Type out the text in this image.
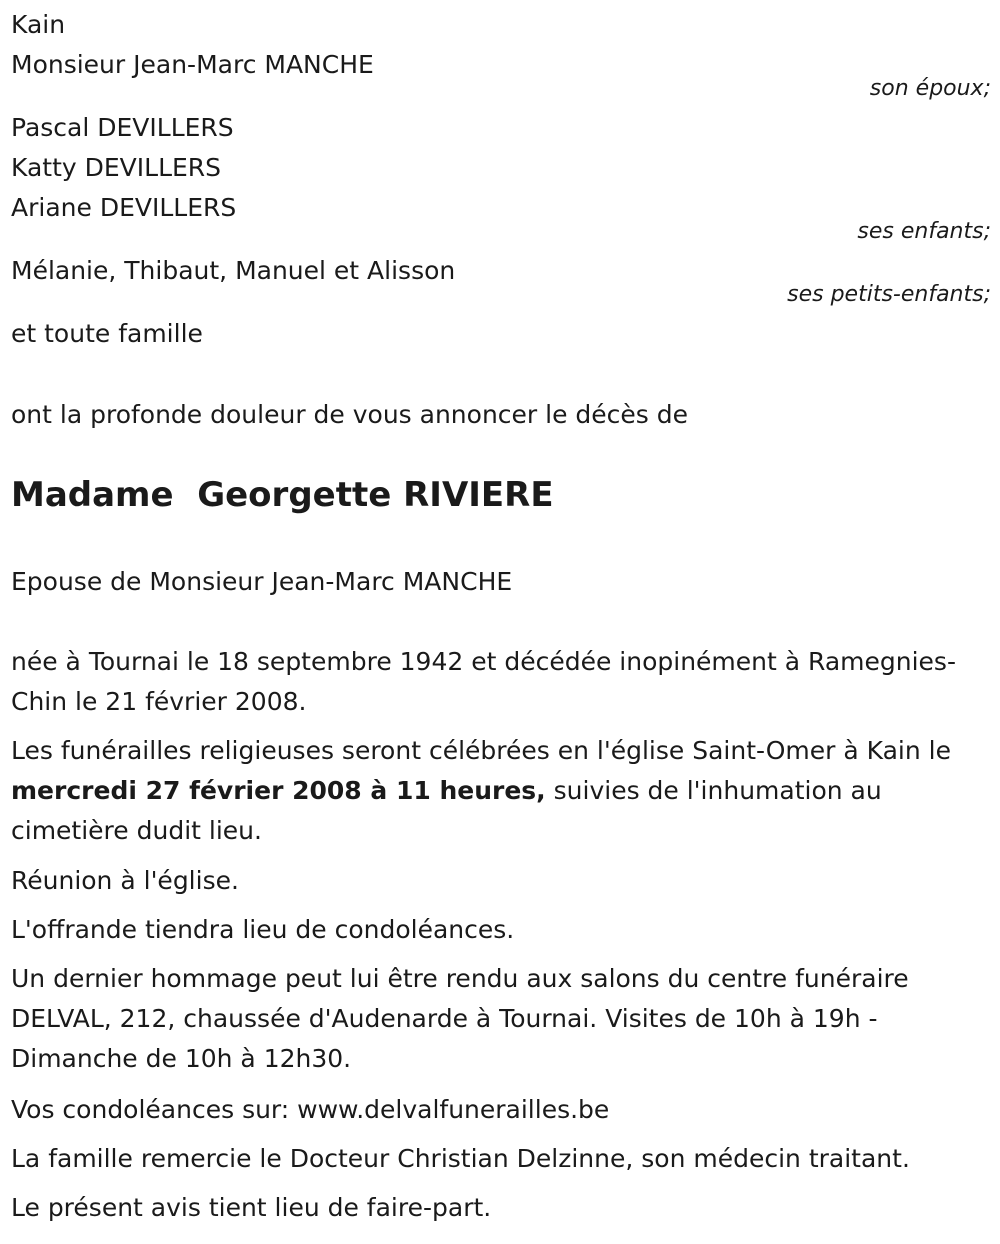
Kain
Monsieur Jean-Marc MANCHE
son époux;
Pascal DEVILLERS
Katty DEVILLERS
Ariane DEVILLERS
ses enfants;
Mélanie, Thibaut, Manuel et Alisson
ses petits-enfants;
et toute famille
ont la profonde douleur de vous annoncer le décès de
Madame  Georgette RIVIERE
Epouse de Monsieur Jean-Marc MANCHE
née à Tournai le 18 septembre 1942 et décédée inopinément à Ramegnies-Chin le 21 février 2008.
Les funérailles religieuses seront célébrées en l'église Saint-Omer à Kain le mercredi 27 février 2008 à 11 heures, suivies de l'inhumation au cimetière dudit lieu.
Réunion à l'église.
L'offrande tiendra lieu de condoléances.
Un dernier hommage peut lui être rendu aux salons du centre funéraire DELVAL, 212, chaussée d'Audenarde à Tournai. Visites de 10h à 19h - Dimanche de 10h à 12h30.
Vos condoléances sur: www.delvalfunerailles.be
La famille remercie le Docteur Christian Delzinne, son médecin traitant.
Le présent avis tient lieu de faire-part.
